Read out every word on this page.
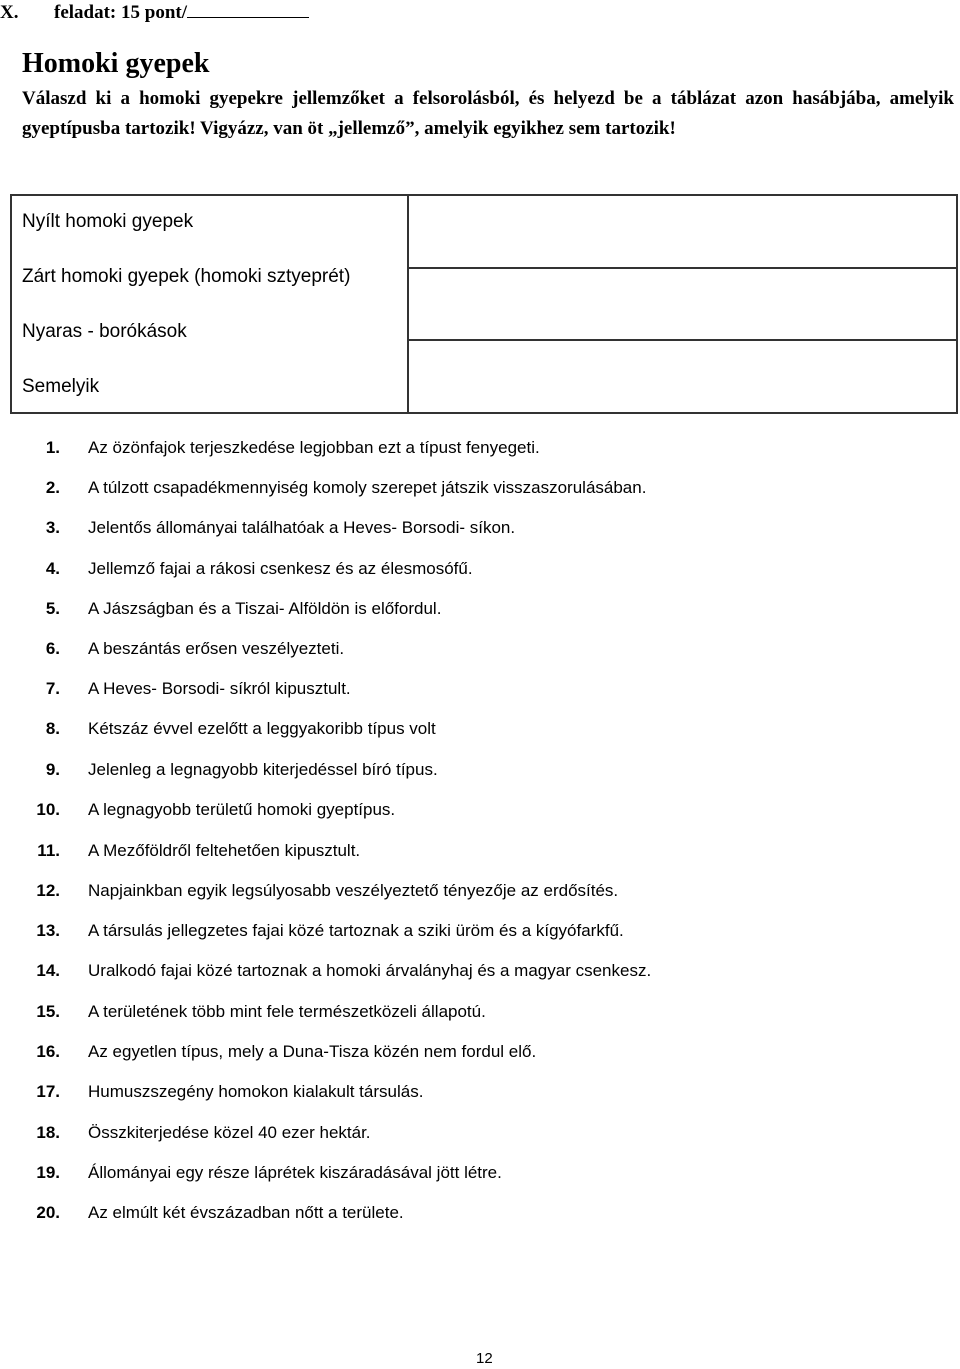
X. feladat: 15 pont/
Homoki gyepek
Válaszd ki a homoki gyepekre jellemzőket a felsorolásból, és helyezd be a táblázat azon hasábjába, amelyik gyeptípusba tartozik! Vigyázz, van öt „jellemző”, amelyik egyikhez sem tartozik!
Nyílt homoki gyepek
Zárt homoki gyepek (homoki sztyeprét)
Nyaras - borókások
Semelyik
1. Az özönfajok terjeszkedése legjobban ezt a típust fenyegeti.
2. A túlzott csapadékmennyiség komoly szerepet játszik visszaszorulásában.
3. Jelentős állományai találhatóak a Heves- Borsodi- síkon.
4. Jellemző fajai a rákosi csenkesz és az élesmosófű.
5. A Jászságban és a Tiszai- Alföldön is előfordul.
6. A beszántás erősen veszélyezteti.
7. A Heves- Borsodi- síkról kipusztult.
8. Kétszáz évvel ezelőtt a leggyakoribb típus volt
9. Jelenleg a legnagyobb kiterjedéssel bíró típus.
10. A legnagyobb területű homoki gyeptípus.
11. A Mezőföldről feltehetően kipusztult.
12. Napjainkban egyik legsúlyosabb veszélyeztető tényezője az erdősítés.
13. A társulás jellegzetes fajai közé tartoznak a sziki üröm és a kígyófarkfű.
14. Uralkodó fajai közé tartoznak a homoki árvalányhaj és a magyar csenkesz.
15. A területének több mint fele természetközeli állapotú.
16. Az egyetlen típus, mely a Duna-Tisza közén nem fordul elő.
17. Humuszszegény homokon kialakult társulás.
18. Összkiterjedése közel 40 ezer hektár.
19. Állományai egy része láprétek kiszáradásával jött létre.
20. Az elmúlt két évszázadban nőtt a területe.
12
